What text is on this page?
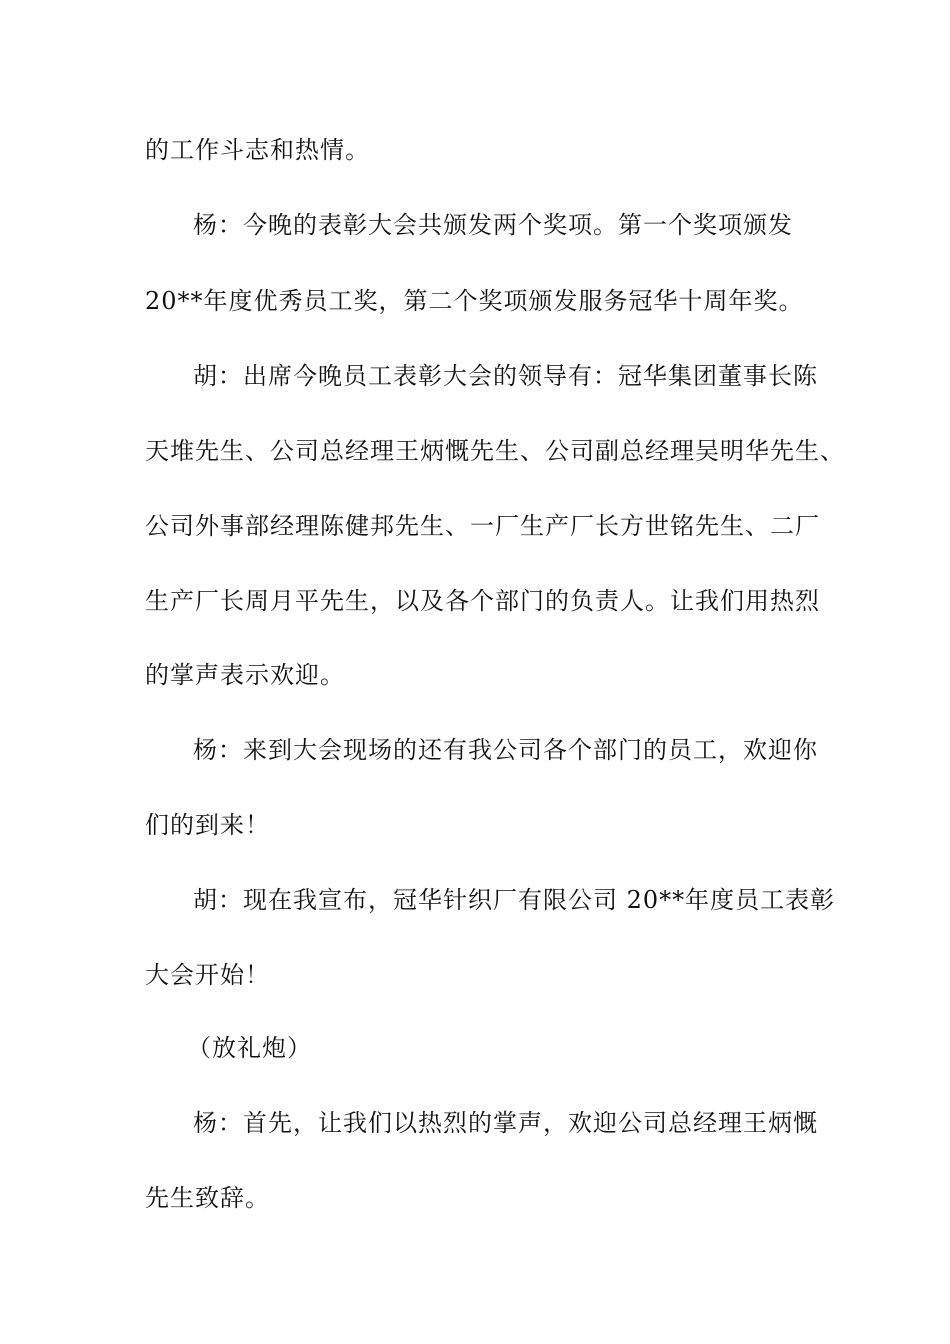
的工作斗志和热情。
杨：今晚的表彰大会共颁发两个奖项。第一个奖项颁发
20**年度优秀员工奖，第二个奖项颁发服务冠华十周年奖。
胡：出席今晚员工表彰大会的领导有：冠华集团董事长陈
天堆先生、公司总经理王炳慨先生、公司副总经理吴明华先生、
公司外事部经理陈健邦先生、一厂生产厂长方世铭先生、二厂
生产厂长周月平先生，以及各个部门的负责人。让我们用热烈
的掌声表示欢迎。
杨：来到大会现场的还有我公司各个部门的员工，欢迎你
们的到来！
胡：现在我宣布，冠华针织厂有限公司 20**年度员工表彰
大会开始！
（放礼炮）
杨：首先，让我们以热烈的掌声，欢迎公司总经理王炳慨
先生致辞。
